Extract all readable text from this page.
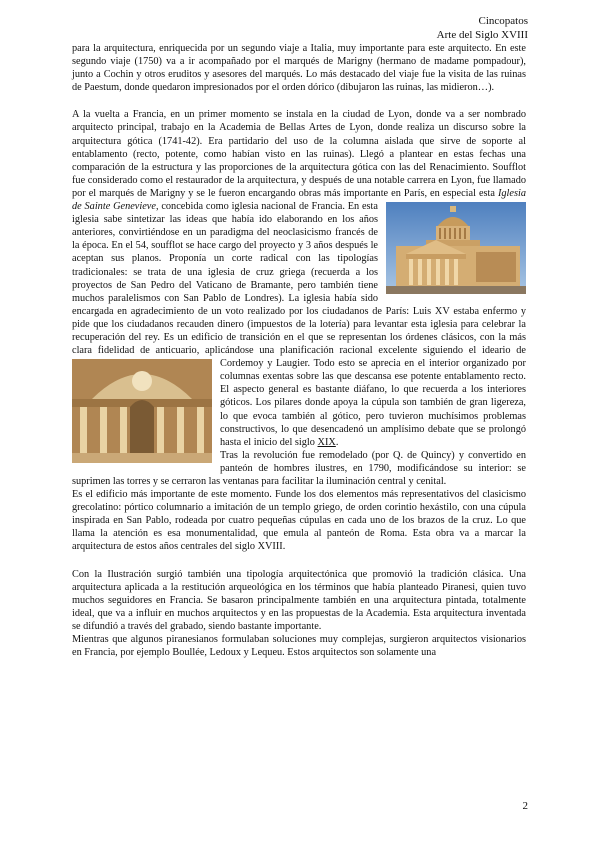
Cincopatos
Arte del Siglo XVIII

para la arquitectura, enriquecida por un segundo viaje a Italia, muy importante para este arquitecto. En este segundo viaje (1750) va a ir acompañado por el marqués de Marigny (hermano de madame pompadour), junto a Cochin y otros eruditos y asesores del marqués. Lo más destacado del viaje fue la visita de las ruinas de Paestum, donde quedaron impresionados por el orden dórico (dibujaron las ruinas, las midieron…).

A la vuelta a Francia, en un primer momento se instala en la ciudad de Lyon, donde va a ser nombrado arquitecto principal, trabajo en la Academia de Bellas Artes de Lyon, donde realiza un discurso sobre la arquitectura gótica (1741-42). Era partidario del uso de la columna aislada que sirve de soporte al entablamento (recto, potente, como habían visto en las ruinas). Llegó a plantear en estas fechas una comparación de la estructura y las proporciones de la arquitectura gótica con las del Renacimiento. Soufflot fue considerado como el restaurador de la arquitectura, y después de una notable carrera en Lyon, fue llamado por el marqués de Marigny y se le fueron encargando obras más importante en París, en especial esta
Iglesia de Sainte Genevieve, concebida como iglesia nacional de Francia. En esta iglesia sabe sintetizar las ideas que había ido elaborando en los años anteriores, convirtiéndose en un paradigma del neoclasicismo francés de la época. En el 54, soufflot se hace cargo del proyecto y 3 años después le aceptan sus planos. Proponía un corte radical con las tipologías tradicionales: se trata de una iglesia de cruz griega (recuerda a los proyectos de San Pedro del Vaticano de Bramante, pero también tiene muchos paralelismos con San Pablo de Londres). La iglesia había sido encargada en agradecimiento de un voto realizado por los ciudadanos de París: Luis XV estaba enfermo y pide que los ciudadanos recauden dinero (impuestos de la lotería) para levantar esta iglesia para celebrar la recuperación del rey. Es un edificio de transición en el que se representan los órdenes clásicos, con la más clara fidelidad de anticuario, aplicándose una planificación racional excelente siguiendo el
ideario de Cordemoy y Laugier. Todo esto se aprecia en el interior organizado por columnas exentas sobre las que descansa ese potente entablamento recto. El aspecto general es bastante diáfano, lo que recuerda a los interiores góticos. Los pilares donde apoya la cúpula son también de gran ligereza, lo que evoca también al gótico, pero tuvieron muchísimos problemas constructivos, lo que desencadenó un amplísimo debate que se prolongó hasta el inicio del siglo XIX.

Tras la revolución fue remodelado (por Q. de Quincy) y convertido en panteón de hombres ilustres, en 1790, modificándose su interior: se suprimen las torres y se cerraron las ventanas para facilitar la iluminación central y cenital.

Es el edificio más importante de este momento. Funde los dos elementos más representativos del clasicismo grecolatino: pórtico columnario a imitación de un templo griego, de orden corintio hexástilo, con una cúpula inspirada en San Pablo, rodeada por cuatro pequeñas cúpulas en cada uno de los brazos de la cruz. Lo que llama la atención es esa monumentalidad, que emula al panteón de Roma. Esta obra va a marcar la arquitectura de estos años centrales del siglo XVIII.

Con la Ilustración surgió también una tipología arquitectónica que promovió la tradición clásica. Una arquitectura aplicada a la restitución arqueológica en los términos que había planteado Piranesi, quien tuvo muchos seguidores en Francia. Se basaron principalmente también en una arquitectura pintada, totalmente ideal, que va a influir en muchos arquitectos y en las propuestas de la Academia. Esta arquitectura inventada se difundió a través del grabado, siendo bastante importante.

Mientras que algunos piranesianos formulaban soluciones muy complejas, surgieron arquitectos visionarios en Francia, por ejemplo Boullée, Ledoux y Lequeu. Estos arquitectos son solamente una

2
